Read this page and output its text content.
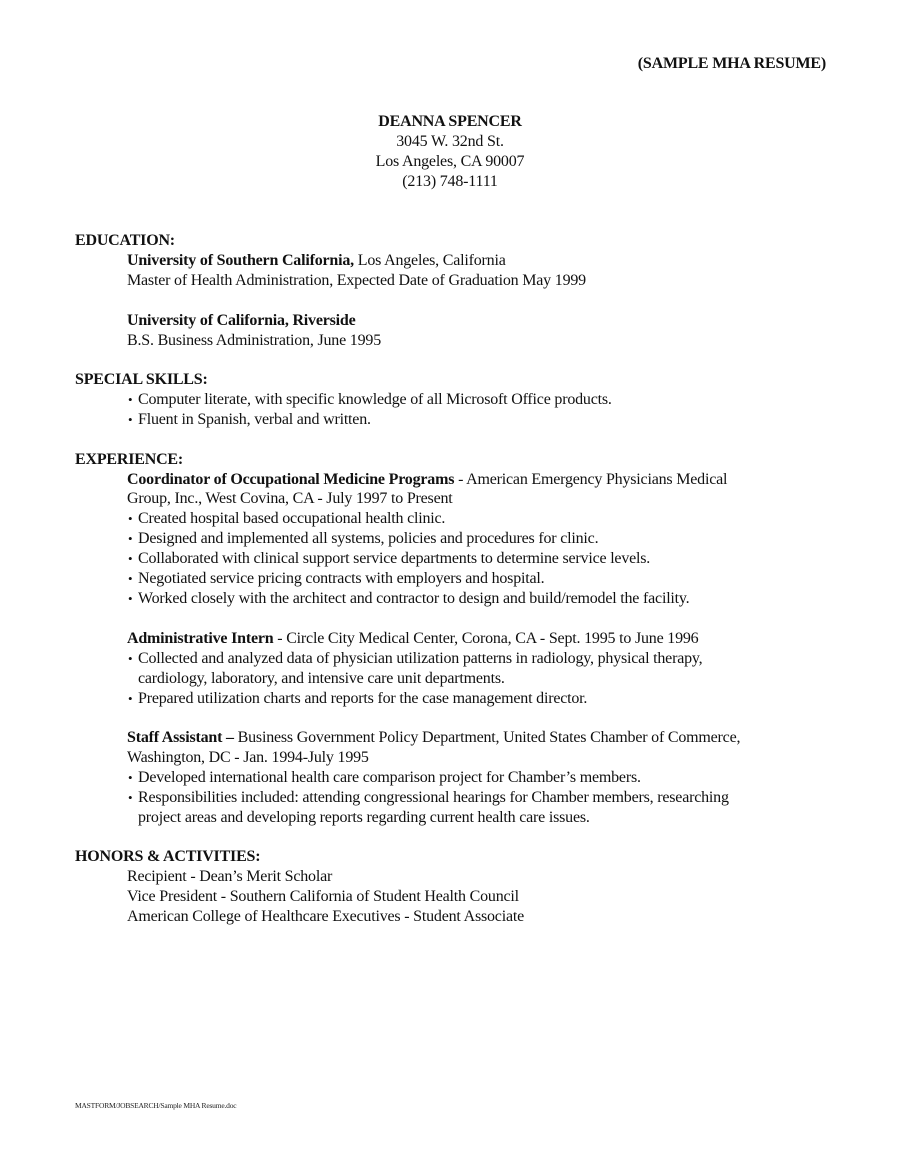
(SAMPLE MHA RESUME)
DEANNA SPENCER
3045 W. 32nd St.
Los Angeles, CA 90007
(213) 748-1111
EDUCATION:
University of Southern California, Los Angeles, California
Master of Health Administration, Expected Date of Graduation May 1999
University of California, Riverside
B.S. Business Administration, June 1995
SPECIAL SKILLS:
• Computer literate, with specific knowledge of all Microsoft Office products.
• Fluent in Spanish, verbal and written.
EXPERIENCE:
Coordinator of Occupational Medicine Programs - American Emergency Physicians Medical
Group, Inc., West Covina, CA - July 1997 to Present
• Created hospital based occupational health clinic.
• Designed and implemented all systems, policies and procedures for clinic.
• Collaborated with clinical support service departments to determine service levels.
• Negotiated service pricing contracts with employers and hospital.
• Worked closely with the architect and contractor to design and build/remodel the facility.
Administrative Intern - Circle City Medical Center, Corona, CA - Sept. 1995 to June 1996
• Collected and analyzed data of physician utilization patterns in radiology, physical therapy,
cardiology, laboratory, and intensive care unit departments.
• Prepared utilization charts and reports for the case management director.
Staff Assistant – Business Government Policy Department, United States Chamber of Commerce,
Washington, DC - Jan. 1994-July 1995
• Developed international health care comparison project for Chamber’s members.
• Responsibilities included: attending congressional hearings for Chamber members, researching
project areas and developing reports regarding current health care issues.
HONORS & ACTIVITIES:
Recipient - Dean’s Merit Scholar
Vice President - Southern California of Student Health Council
American College of Healthcare Executives - Student Associate
MASTFORM/JOBSEARCH/Sample MHA Resume.doc
